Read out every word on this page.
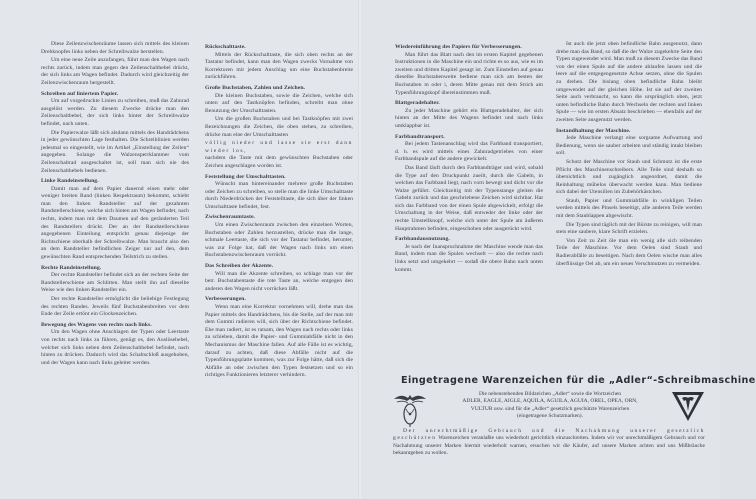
Diese Zeilenzwischenräume lassen sich mittels des kleinen Drehknopfes links neben der Schreibwalze herstellen.

Um eine neue Zeile anzufangen, führt man den Wagen nach rechts zurück, indem man gegen den Zeilenschalthebel drückt, der sich links am Wagen befindet. Dadurch wird gleichzeitig der Zeilenzwischenraum hergestellt.

Schreiben auf liniertem Papier.

Um auf vorgedruckte Linien zu schreiben, muß das Zahnrad ausgelöst werden. Zu diesem Zwecke drücke man den Zeilenschaltbebel, der sich links hinter der Schreibwalze befindet, nach unten.

Die Papierwalze läßt sich alsdann mittels des Handrädchens in jeder gewünschten Lage festhalten. Die Schreiblinien werden jedesmal so eingestellt, wie im Artikel „Einstellung der Zeilen“ angegeben. Solange die Walzensperrklammer vom Zeilenschaltrad ausgeschaltet ist, soll man sich nie des Zeilenschalthebels bedienen.

Linke Randeinstellung.

Damit man auf dem Papier dauernd einen mehr oder weniger breiten Rand (linken Respektraum) bekommt, schiebt man den linken Randsteller auf der gezahnten Randstellerschiene, welche sich hinten am Wagen befindet, nach rechts, indem man mit dem Daumen auf den geränderten Teil des Randstellers drückt. Der an der Randstellerschiene angegebenen Einteilung entspricht genau diejenige der Richtschiene oberhalb der Schreibwalze. Man braucht also den an dem Randsteller befindlichen Zeiger nur auf den, dem gewünschten Rand entsprechenden Teilstrich zu stellen.

Rechte Randeinstellung.

Der rechte Randsteller befindet sich an der rechten Seite der Randstellerschiene am Schlitten. Man stellt ihn auf dieselbe Weise wie den linken Randsteller ein.

Der rechte Randsteller ermöglicht die beliebige Festlegung des rechten Randes. Jeweils fünf Buchstabenbreiten vor dem Ende der Zeile ertönt ein Glockenzeichen.

Bewegung des Wagens von rechts nach links.

Um den Wagen ohne Anschlagen der Typen oder Leertaste von rechts nach links zu führen, genügt es, den Auslösehebel, welcher sich links neben dem Zeilenschalthebel befindet, nach hinten zu drücken. Dadurch wird das Schaltschloß ausgehoben, und der Wagen kann nach links geleitet werden.

Rückschalttaste.

Mittels der Rückschalttaste, die sich oben rechts an der Tastatur befindet, kann man den Wagen zwecks Vornahme von Korrekturen mit jedem Anschlag um eine Buchstabenbreite zurückführen.

Große Buchstaben, Zahlen und Zeichen.

Die kleinen Buchstaben, sowie die Zeichen, welche sich unten auf den Tastknöpfen befinden, schreibt man ohne Benutzung der Umschalttasten.

Um die großen Buchstaben und bei Tastknöpfen mit zwei Bezeichnungen die Zeichen, die oben stehen, zu schreiben, drücke man eine der Umschalttasten

völlig nieder und lasse sie erst dann wieder los,

nachdem die Taste mit dem gewünschten Buchstaben oder Zeichen angeschlagen worden ist.

Feststellung der Umschalttasten.

Wünscht man hintereinander mehrere große Buchstaben oder Zeichen zu schreiben, so stelle man die linke Umschalttaste durch Niederdrücken der Feststelltaste, die sich über der linken Umschalttaste befindet, fest.

Zwischenraumtaste.

Um einen Zwischenraum zwischen den einzelnen Worten, Buchstaben oder Zahlen herzustellen, drücke man die lange, schmale Leertaste, die sich vor der Tastatur befindet, herunter, was zur Folge hat, daß der Wagen nach links um einen Buchstabenzwischenraum vorrückt.

Das Schreiben der Akzente.

Will man die Akzente schreiben, so schlage man vor der betr. Buchstabentaste die tote Taste an, welche entgegen den anderen den Wagen nicht vorrücken läßt.

Verbesserungen.

Wenn man eine Korrektur vornehmen will, drehe man das Papier mittels des Handrädchens, bis die Stelle, auf der man mit dem Gummi radieren will, sich über der Richtschiene befindet. Ehe man radiert, ist es ratsam, den Wagen nach rechts oder links zu schieben, damit die Papier- und Gummiabfälle nicht in den Mechanismus der Maschine fallen. Auf alle Fälle ist es wichtig, darauf zu achten, daß diese Abfälle nicht auf die Typenführungsplatte kommen, was zur Folge hätte, daß sich die Abfälle an oder zwischen den Typen festsetzen und so ein richtiges Funktionieren letzterer verhindern.

Wiedereinführung des Papiers für Verbesserungen.

Man führt das Blatt nach den im ersten Kapitel gegebenen Instruktionen in die Maschine ein und richte es so aus, wie es im zweiten und dritten Kapitel gesagt ist. Zum Einstellen auf genau dieselbe Buchstabenweite bediene man sich am besten der Buchstaben m oder i, deren Mitte genau mit dem Strich am Typenführungskopf übereinstimmen muß.

Blattgeradehalter.

Zu jeder Maschine gehört ein Blattgeradehalter, der sich hinten an der Mitte des Wagens befindet und nach links umklappbar ist.

Farbbandtransport.

Bei jedem Tastenanschlag wird das Farbband transportiert, d. h. es wird mittels eines Zahnradgetriebes von einer Farbbandspule auf die andere gewickelt.

Das Band läuft durch den Farbbandträger und wird, sobald die Type auf den Druckpunkt zueilt, durch die Gabeln, in welchen das Farbband liegt, nach vorn bewegt und dicht vor die Walze geführt. Gleichzeitig mit der Typenstange gleiten die Gabeln zurück und das geschriebene Zeichen wird sichtbar. Hat sich das Farbband von der einen Spule abgewickelt, erfolgt die Umschaltung in der Weise, daß entweder der linke oder der rechte Umstellknopf, welche sich unter der Spule am äußeren Hauptrahmen befinden, eingeschoben oder ausgerückt wird.

Farbbandausnutzung.

Je nach der Inanspruchnahme der Maschine wende man das Band, indem man die Spulen wechselt — also die rechte nach links setzt und umgekehrt — sodaß die obere Bahn nach unten kommt.

Ist auch die jetzt oben befindliche Bahn ausgenutzt, dann drehe man das Band, so daß die der Walze zugekehrte Seite den Typen zugewendet wird. Man muß zu diesem Zwecke das Band von der einen Spule auf die andere ablaufen lassen und die leere auf die entgegengesetzte Achse setzen, ohne die Spulen zu drehen. Die bislang oben befindliche Bahn bleibt umgewendet auf der gleichen Höhe. Ist sie auf der zweiten Seite auch verbraucht, so kann die ursprünglich oben, jetzt unten befindliche Bahn durch Wechseln der rechten und linken Spule — wie im ersten Absatz beschrieben — ebenfalls auf der zweiten Seite ausgenutzt werden.

Instandhaltung der Maschine.

Jede Maschine verlangt eine sorgsame Aufwartung und Bedienung, wenn sie sauber arbeiten und ständig intakt bleiben soll.

Schutz der Maschine vor Staub und Schmutz ist die erste Pflicht des Maschinenschreibers. Alle Teile sind deshalb so übersichtlich und zugänglich angeordnet, damit die Reinhaltung mühelos überwacht werden kann. Man bediene sich dabei der Utensilien im Zubehörkästchen.

Staub, Papier und Gummiabfälle in winkligen Teilen werden mittels des Pinsels beseitigt, alle anderen Teile werden mit dem Staublappen abgewischt.

Die Typen sind täglich mit der Bürste zu reinigen, will man stets eine saubere, klare Schrift erzielen.

Von Zeit zu Zeit öle man ein wenig alle sich reibenden Teile der Maschine. Vor dem Oelen sind Staub und Radierabfälle zu beseitigen. Nach dem Oelen wische man alles überflüssige Oel ab, um ein neues Verschmutzen zu vermeiden.

Eingetragene Warenzeichen für die „Adler“-Schreibmaschine
Die nebenstehenden Bildzeichen „Adler“ sowie die Wortzeichen
ADLER, EAGLE, AIGLE, AQUILA, AGUILA, AGUIA, OREL, OPEΛ, ORN,
VULTUR usw. sind für die „Adler“ gesetzlich geschützte Warenzeichen
(eingetragene Schutzmarken).

Der unrechtmäßige Gebrauch und die Nachahmung unserer gesetzlich geschützten Warenzeichen veranlaßte uns wiederholt gerichtlich einzuschreiten. Indem wir vor unrechtmäßigem Gebrauch und vor Nachahmung unserer Marken hiermit wiederholt warnen, ersuchen wir die Käufer, auf unsere Marken achten und uns Mißbräuche bekanntgeben zu wollen.
